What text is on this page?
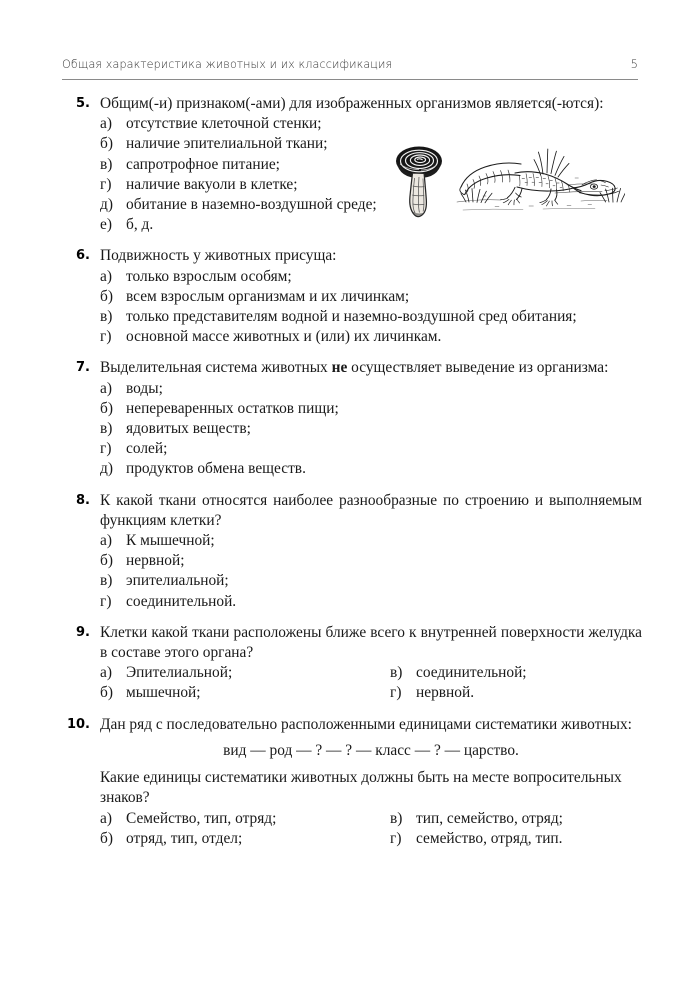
Общая характеристика животных и их классификация	5
5. Общим(-и) признаком(-ами) для изображенных организмов является(-ются):

а) отсутствие клеточной стенки;
б) наличие эпителиальной ткани;
в) сапротрофное питание;
г) наличие вакуоли в клетке;
д) обитание в наземно-воздушной среде;
е) б, д.
6. Подвижность у животных присуща:

а) только взрослым особям;
б) всем взрослым организмам и их личинкам;
в) только представителям водной и наземно-воздушной сред обитания;
г) основной массе животных и (или) их личинкам.
7. Выделительная система животных не осуществляет выведение из организма:

а) воды;
б) непереваренных остатков пищи;
в) ядовитых веществ;
г) солей;
д) продуктов обмена веществ.
8. К какой ткани относятся наиболее разнообразные по строению и выполняемым функциям клетки?

а) К мышечной;
б) нервной;
в) эпителиальной;
г) соединительной.
9. Клетки какой ткани расположены ближе всего к внутренней поверхности желудка в составе этого органа?

а) Эпителиальной;	в) соединительной;
б) мышечной;	г) нервной.
10. Дан ряд с последовательно расположенными единицами систематики животных:

вид — род — ? — ? — класс — ? — царство.

Какие единицы систематики животных должны быть на месте вопросительных знаков?

а) Семейство, тип, отряд;	в) тип, семейство, отряд;
б) отряд, тип, отдел;	г) семейство, отряд, тип.
